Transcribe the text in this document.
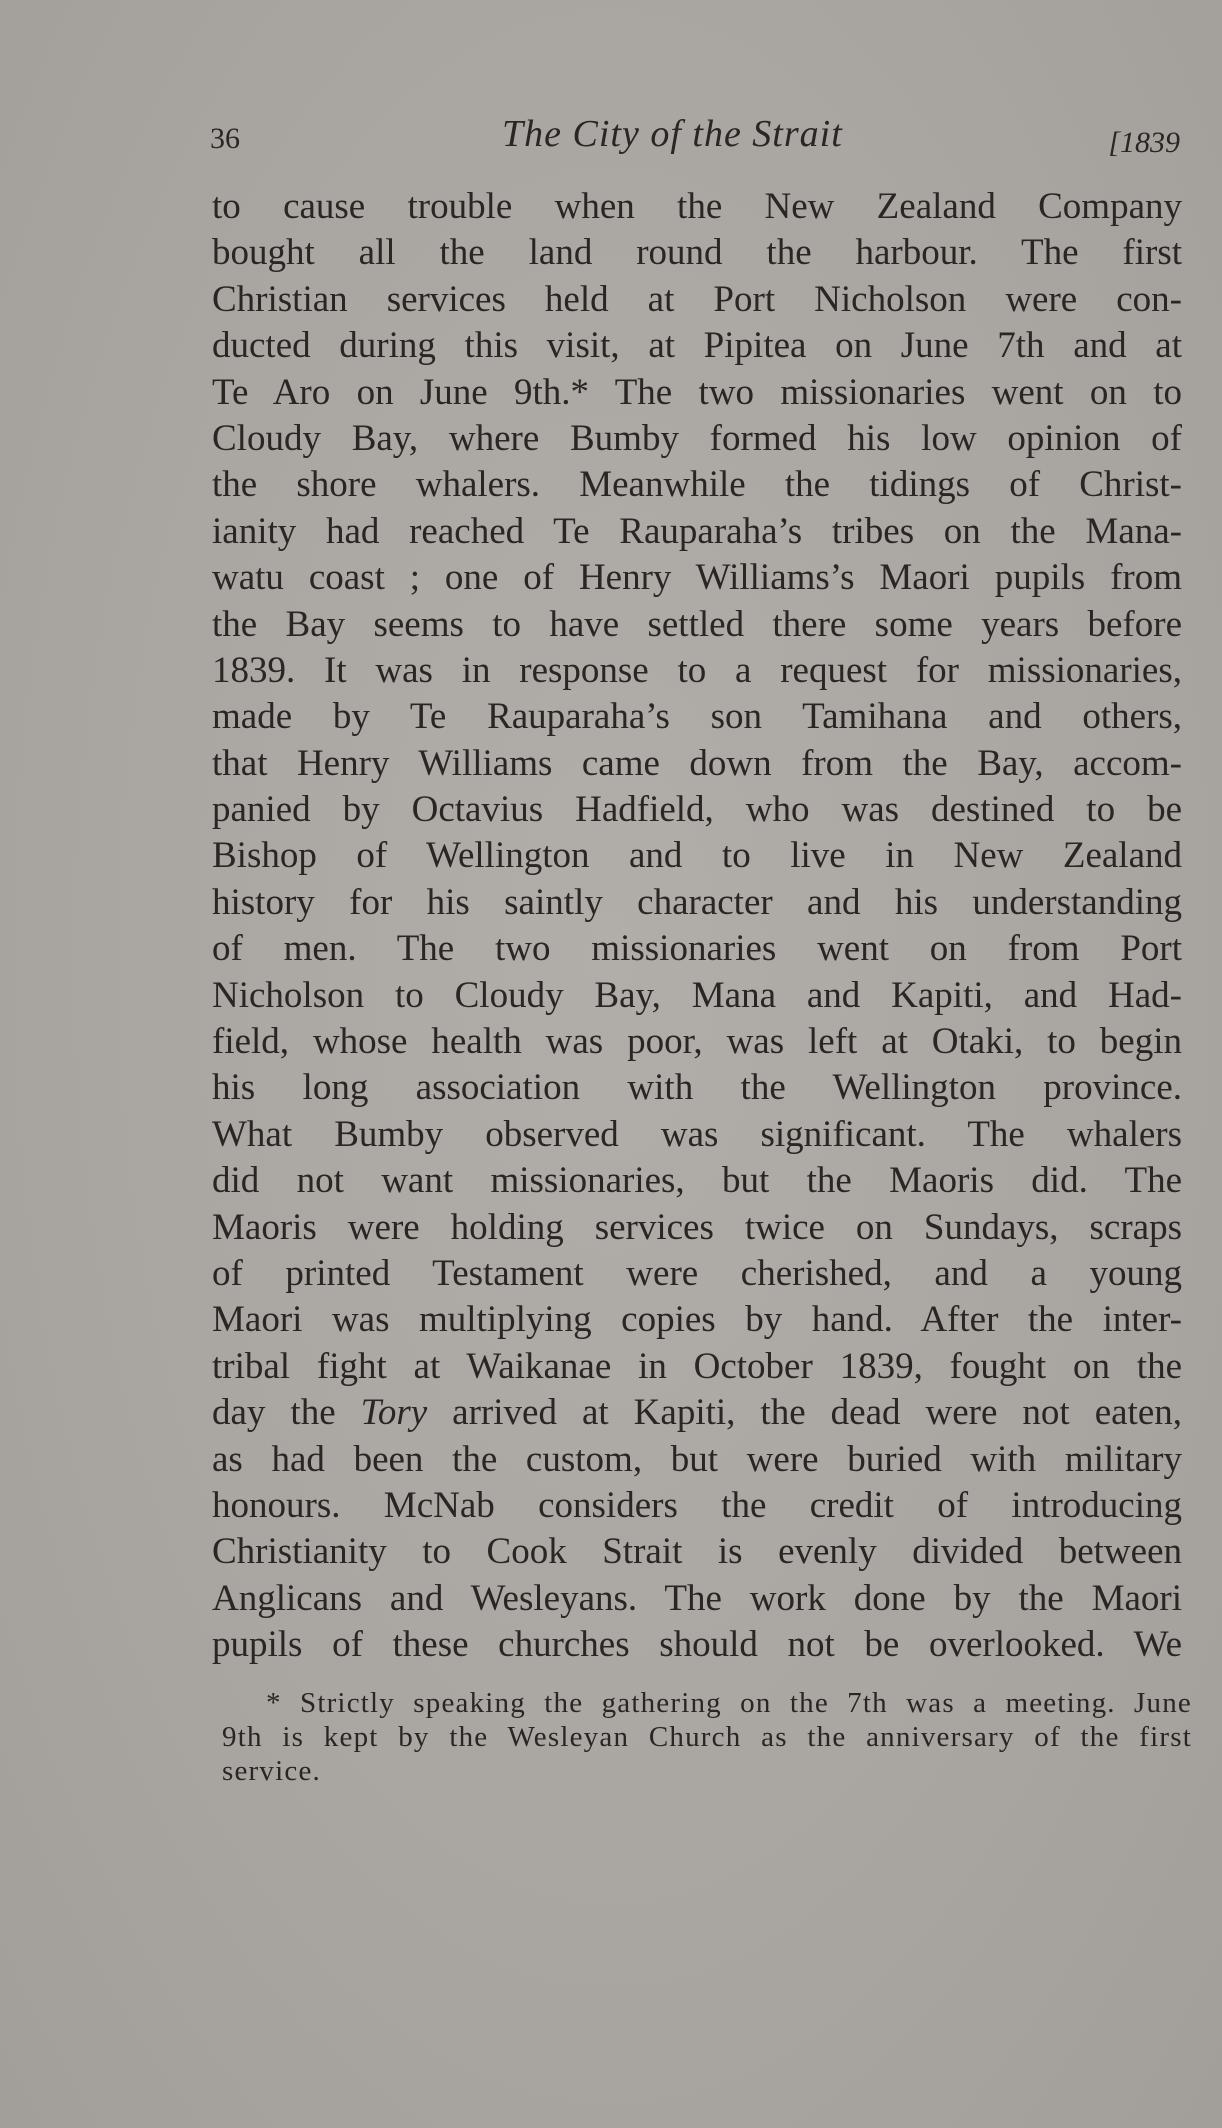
36	The City of the Strait	[1839
to cause trouble when the New Zealand Company
bought all the land round the harbour. The first
Christian services held at Port Nicholson were con-
ducted during this visit, at Pipitea on June 7th and at
Te Aro on June 9th.* The two missionaries went on to
Cloudy Bay, where Bumby formed his low opinion of
the shore whalers. Meanwhile the tidings of Christ-
ianity had reached Te Rauparaha’s tribes on the Mana-
watu coast ; one of Henry Williams’s Maori pupils from
the Bay seems to have settled there some years before
1839. It was in response to a request for missionaries,
made by Te Rauparaha’s son Tamihana and others,
that Henry Williams came down from the Bay, accom-
panied by Octavius Hadfield, who was destined to be
Bishop of Wellington and to live in New Zealand
history for his saintly character and his understanding
of men. The two missionaries went on from Port
Nicholson to Cloudy Bay, Mana and Kapiti, and Had-
field, whose health was poor, was left at Otaki, to begin
his long association with the Wellington province.
What Bumby observed was significant. The whalers
did not want missionaries, but the Maoris did. The
Maoris were holding services twice on Sundays, scraps
of printed Testament were cherished, and a young
Maori was multiplying copies by hand. After the inter-
tribal fight at Waikanae in October 1839, fought on the
day the Tory arrived at Kapiti, the dead were not eaten,
as had been the custom, but were buried with military
honours. McNab considers the credit of introducing
Christianity to Cook Strait is evenly divided between
Anglicans and Wesleyans. The work done by the Maori
pupils of these churches should not be overlooked. We
* Strictly speaking the gathering on the 7th was a meeting. June
9th is kept by the Wesleyan Church as the anniversary of the first
service.
